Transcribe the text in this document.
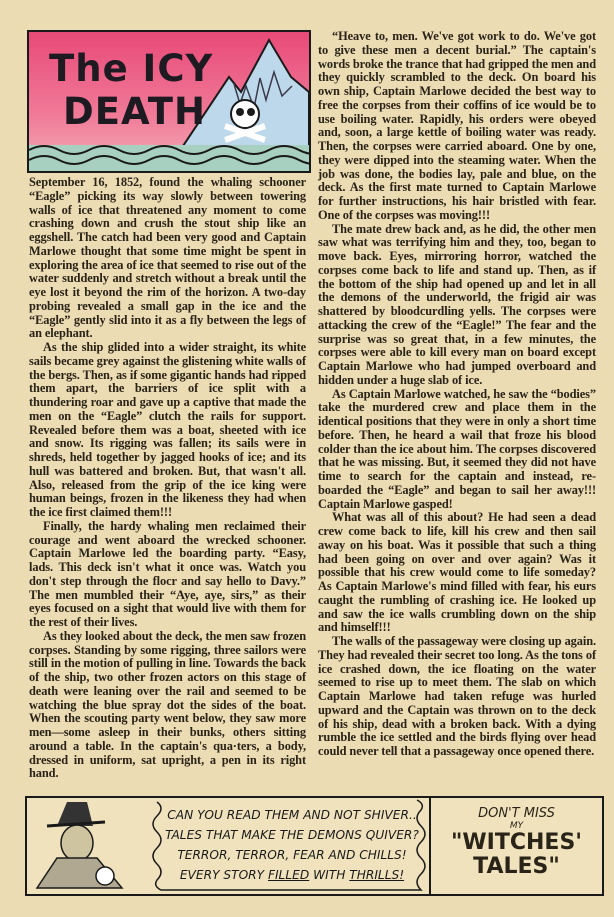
The ICY
DEATH

September 16, 1852, found the whaling schooner “Eagle” picking its way slowly between towering walls of ice that threatened any moment to come crashing down and crush the stout ship like an eggshell. The catch had been very good and Captain Marlowe thought that some time might be spent in exploring the area of ice that seemed to rise out of the water suddenly and stretch without a break until the eye lost it beyond the rim of the horizon. A two-day probing revealed a small gap in the ice and the “Eagle” gently slid into it as a fly between the legs of an elephant.

As the ship glided into a wider straight, its white sails became grey against the glistening white walls of the bergs. Then, as if some gigantic hands had ripped them apart, the barriers of ice split with a thundering roar and gave up a captive that made the men on the “Eagle” clutch the rails for support. Revealed before them was a boat, sheeted with ice and snow. Its rigging was fallen; its sails were in shreds, held together by jagged hooks of ice; and its hull was battered and broken. But, that wasn't all. Also, released from the grip of the ice king were human beings, frozen in the likeness they had when the ice first claimed them!!!

Finally, the hardy whaling men reclaimed their courage and went aboard the wrecked schooner. Captain Marlowe led the boarding party. “Easy, lads. This deck isn't what it once was. Watch you don't step through the flocr and say hello to Davy.” The men mumbled their “Aye, aye, sirs,” as their eyes focused on a sight that would live with them for the rest of their lives.

As they looked about the deck, the men saw frozen corpses. Standing by some rigging, three sailors were still in the motion of pulling in line. Towards the back of the ship, two other frozen actors on this stage of death were leaning over the rail and seemed to be watching the blue spray dot the sides of the boat. When the scouting party went below, they saw more men—some asleep in their bunks, others sitting around a table. In the captain's qua·ters, a body, dressed in uniform, sat upright, a pen in its right hand.

“Heave to, men. We've got work to do. We've got to give these men a decent burial.” The captain's words broke the trance that had gripped the men and they quickly scrambled to the deck. On board his own ship, Captain Marlowe decided the best way to free the corpses from their coffins of ice would be to use boiling water. Rapidly, his orders were obeyed and, soon, a large kettle of boiling water was ready. Then, the corpses were carried aboard. One by one, they were dipped into the steaming water. When the job was done, the bodies lay, pale and blue, on the deck. As the first mate turned to Captain Marlowe for further instructions, his hair bristled with fear. One of the corpses was moving!!!

The mate drew back and, as he did, the other men saw what was terrifying him and they, too, began to move back. Eyes, mirroring horror, watched the corpses come back to life and stand up. Then, as if the bottom of the ship had opened up and let in all the demons of the underworld, the frigid air was shattered by bloodcurdling yells. The corpses were attacking the crew of the “Eagle!” The fear and the surprise was so great that, in a few minutes, the corpses were able to kill every man on board except Captain Marlowe who had jumped overboard and hidden under a huge slab of ice.

As Captain Marlowe watched, he saw the “bodies” take the murdered crew and place them in the identical positions that they were in only a short time before. Then, he heard a wail that froze his blood colder than the ice about him. The corpses discovered that he was missing. But, it seemed they did not have time to search for the captain and instead, re-boarded the “Eagle” and began to sail her away!!! Captain Marlowe gasped!

What was all of this about? He had seen a dead crew come back to life, kill his crew and then sail away on his boat. Was it possible that such a thing had been going on over and over again? Was it possible that his crew would come to life someday? As Captain Marlowe's mind filled with fear, his eurs caught the rumbling of crashing ice. He looked up and saw the ice walls crumbling down on the ship and himself!!!

The walls of the passageway were closing up again. They had revealed their secret too long. As the tons of ice crashed down, the ice floating on the water seemed to rise up to meet them. The slab on which Captain Marlowe had taken refuge was hurled upward and the Captain was thrown on to the deck of his ship, dead with a broken back. With a dying rumble the ice settled and the birds flying over head could never tell that a passageway once opened there.

CAN YOU READ THEM AND NOT SHIVER..
TALES THAT MAKE THE DEMONS QUIVER?
TERROR, TERROR, FEAR AND CHILLS!
EVERY STORY FILLED WITH THRILLS!
DON'T MISS
MY
"WITCHES'
TALES"
